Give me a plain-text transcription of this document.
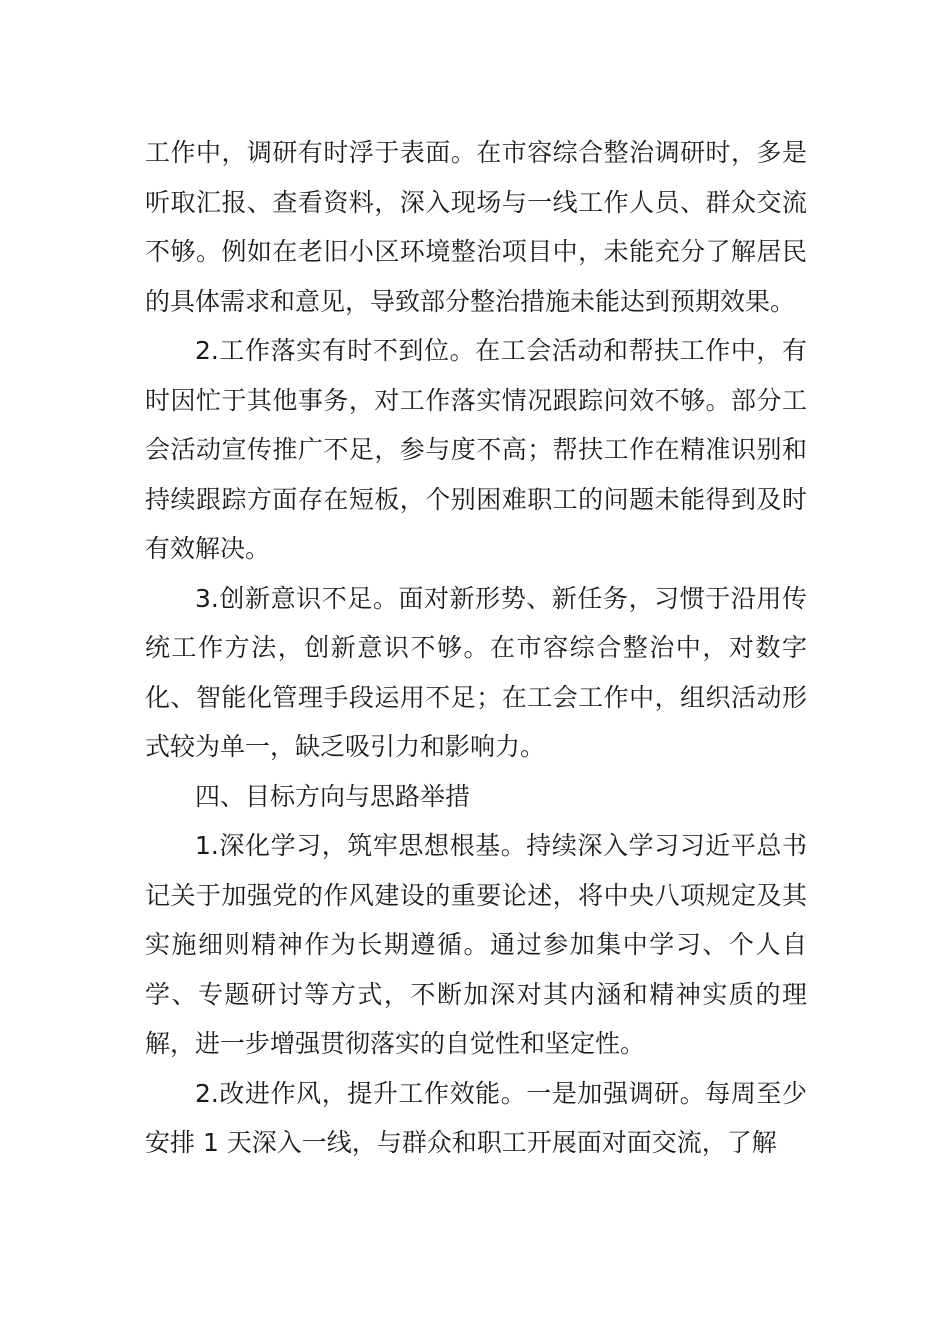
工作中，调研有时浮于表面。在市容综合整治调研时，多是听取汇报、查看资料，深入现场与一线工作人员、群众交流不够。例如在老旧小区环境整治项目中，未能充分了解居民的具体需求和意见，导致部分整治措施未能达到预期效果。

2.工作落实有时不到位。在工会活动和帮扶工作中，有时因忙于其他事务，对工作落实情况跟踪问效不够。部分工会活动宣传推广不足，参与度不高；帮扶工作在精准识别和持续跟踪方面存在短板，个别困难职工的问题未能得到及时有效解决。

3.创新意识不足。面对新形势、新任务，习惯于沿用传统工作方法，创新意识不够。在市容综合整治中，对数字化、智能化管理手段运用不足；在工会工作中，组织活动形式较为单一，缺乏吸引力和影响力。

四、目标方向与思路举措

1.深化学习，筑牢思想根基。持续深入学习习近平总书记关于加强党的作风建设的重要论述，将中央八项规定及其实施细则精神作为长期遵循。通过参加集中学习、个人自学、专题研讨等方式，不断加深对其内涵和精神实质的理解，进一步增强贯彻落实的自觉性和坚定性。

2.改进作风，提升工作效能。一是加强调研。每周至少安排 1 天深入一线，与群众和职工开展面对面交流，了解
